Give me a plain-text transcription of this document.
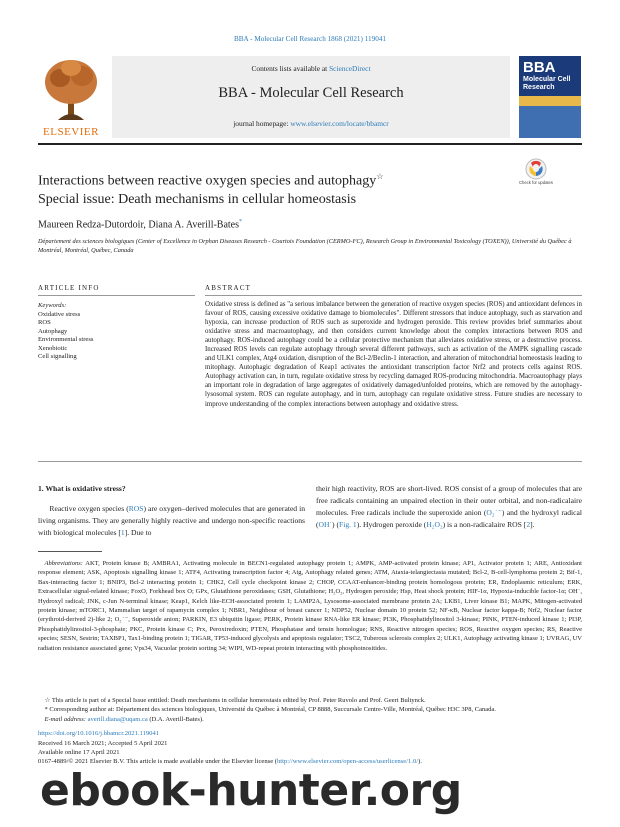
BBA - Molecular Cell Research 1868 (2021) 119041
ELSEVIER
Contents lists available at ScienceDirect
BBA - Molecular Cell Research
journal homepage: www.elsevier.com/locate/bbamcr
BBA
Molecular Cell Research
Interactions between reactive oxygen species and autophagy☆
Special issue: Death mechanisms in cellular homeostasis
Check for updates
Maureen Redza-Dutordoir, Diana A. Averill-Bates*
Département des sciences biologiques (Center of Excellence in Orphan Diseases Research - Courtois Foundation (CERMO-FC), Research Group in Environmental Toxicology (TOXEN)), Université du Québec à Montréal, Montréal, Québec, Canada
ARTICLE INFO	ABSTRACT
Keywords:
Oxidative stress
ROS
Autophagy
Environmental stress
Xenobiotic
Cell signalling
Oxidative stress is defined as "a serious imbalance between the generation of reactive oxygen species (ROS) and antioxidant defences in favour of ROS, causing excessive oxidative damage to biomolecules". Different stressors that induce autophagy, such as starvation and hypoxia, can increase production of ROS such as superoxide and hydrogen peroxide. This review provides brief summaries about oxidative stress and macroautophagy, and then considers current knowledge about the complex interactions between ROS and autophagy. ROS-induced autophagy could be a cellular protective mechanism that alleviates oxidative stress, or a destructive process. Increased ROS levels can regulate autophagy through several different pathways, such as activation of the AMPK signalling cascade and ULK1 complex, Atg4 oxidation, disruption of the Bcl-2/Beclin-1 interaction, and alteration of mitochondrial homeostasis leading to mitophagy. Autophagic degradation of Keap1 activates the antioxidant transcription factor Nrf2 and protects cells against ROS. Autophagy activation can, in turn, regulate oxidative stress by recycling damaged ROS-producing mitochondria. Macroautophagy plays an important role in degradation of large aggregates of oxidatively damaged/unfolded proteins, which are removed by the autophagy-lysosomal system. ROS can regulate autophagy, and in turn, autophagy can regulate oxidative stress. Future studies are necessary to improve understanding of the complex interactions between autophagy and oxidative stress.
1. What is oxidative stress?
  Reactive oxygen species (ROS) are oxygen–derived molecules that are generated in living organisms. They are generally highly reactive and undergo non-specific reactions with biological molecules [1]. Due to
their high reactivity, ROS are short-lived. ROS consist of a group of molecules that are free radicals containing an unpaired election in their outer orbital, and non-radicalaire molecules. Free radicals include the superoxide anion (O₂˙⁻) and the hydroxyl radical (OH˙) (Fig. 1). Hydrogen peroxide (H₂O₂) is a non-radicalaire ROS [2].
 Abbreviations: AKT, Protein kinase B; AMBRA1, Activating molecule in BECN1-regulated autophagy protein 1; AMPK, AMP-activated protein kinase; AP1, Activator protein 1; ARE, Antioxidant response element; ASK, Apoptosis signalling kinase 1; ATF4, Activating transcription factor 4; Atg, Autophagy related genes; ATM, Ataxia-telangiectasia mutated; Bcl-2, B-cell-lymphoma protein 2; Bif-1, Bax-interacting factor 1; BNIP3, Bcl-2 interacting protein 1; CHK2, Cell cycle checkpoint kinase 2; CHOP, CCAAT-enhancer-binding protein homologous protein; ER, Endoplasmic reticulum; ERK, Extracellular signal-related kinase; FoxO, Forkhead box O; GPx, Glutathione peroxidases; GSH, Glutathione; H₂O₂, Hydrogen peroxide; Hsp, Heat shock protein; HIF-1α, Hypoxia-inducible factor-1α; OH˙, Hydroxyl radical; JNK, c-Jun N-terminal kinase; Keap1, Kelch like-ECH-associated protein 1; LAMP2A, Lysosome-associated membrane protein 2A; LKB1, Liver kinase B1; MAPK, Mitogen-activated protein kinase; mTORC1, Mammalian target of rapamycin complex 1; NBR1, Neighbour of breast cancer 1; NDP52, Nuclear domain 10 protein 52; NF-κB, Nuclear factor kappa-B; Nrf2, Nuclear factor (erythroid-derived 2)-like 2; O₂˙⁻, Superoxide anion; PARKIN, E3 ubiquitin ligase; PERK, Protein kinase RNA-like ER kinase; PI3K, Phosphatidylinositol 3-kinase; PINK, PTEN-induced kinase 1; PI3P, Phosphatidylinositol-3-phosphate; PKC, Protein kinase C; Prx, Peroxiredoxin; PTEN, Phosphatase and tensin homologue; RNS, Reactive nitrogen species; ROS, Reactive oxygen species; RS, Reactive species; SESN, Sestrin; TAXBP1, Tax1-binding protein 1; TIGAR, TP53-induced glycolysis and apoptosis regulator; TSC2, Tuberous sclerosis complex 2; ULK1, Autophagy activating kinase 1; UVRAG, UV radiation resistance associated gene; Vps34, Vacuolar protein sorting 34; WIPI, WD-repeat protein interacting with phosphoinositides.
 ☆ This article is part of a Special Issue entitled: Death mechanisms in cellular homeostasis edited by Prof. Peter Ruvolo and Prof. Geert Bultynck.
 * Corresponding author at: Département des sciences biologiques, Université du Québec à Montréal, CP 8888, Succursale Centre-Ville, Montréal, Québec H3C 3P8, Canada.
 E-mail address: averill.diana@uqam.ca (D.A. Averill-Bates).
https://doi.org/10.1016/j.bbamcr.2021.119041
Received 16 March 2021; Accepted 5 April 2021
Available online 17 April 2021
0167-4889/© 2021 Elsevier B.V. This article is made available under the Elsevier license (http://www.elsevier.com/open-access/userlicense/1.0/).
ebook-hunter.org
